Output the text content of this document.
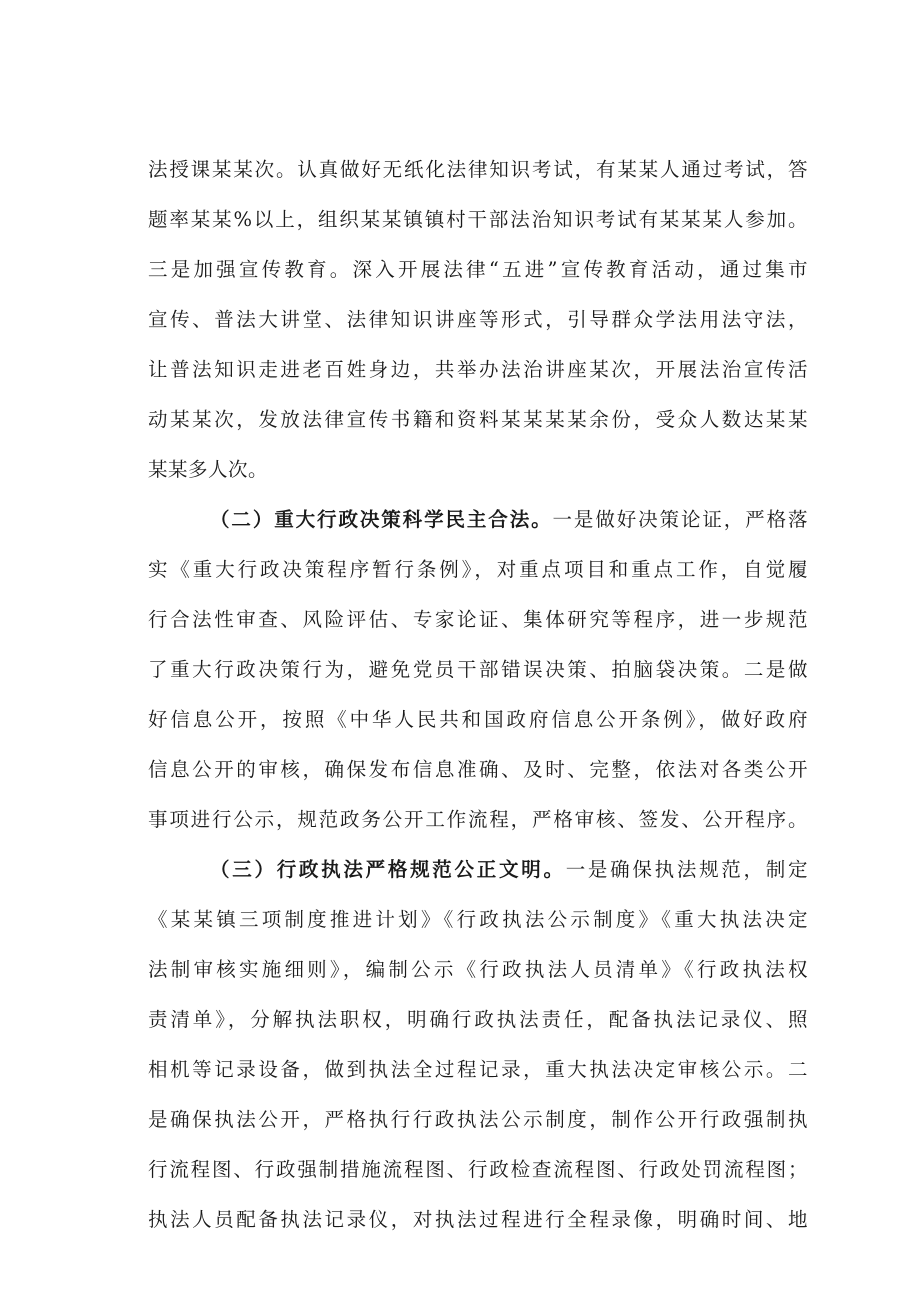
法授课某某次。认真做好无纸化法律知识考试，有某某人通过考试，答
题率某某%以上，组织某某镇镇村干部法治知识考试有某某某人参加。
三是加强宣传教育。深入开展法律“五进”宣传教育活动，通过集市
宣传、普法大讲堂、法律知识讲座等形式，引导群众学法用法守法，
让普法知识走进老百姓身边，共举办法治讲座某次，开展法治宣传活
动某某次，发放法律宣传书籍和资料某某某某余份，受众人数达某某
某某多人次。
（二）重大行政决策科学民主合法。一是做好决策论证，严格落
实《重大行政决策程序暂行条例》，对重点项目和重点工作，自觉履
行合法性审查、风险评估、专家论证、集体研究等程序，进一步规范
了重大行政决策行为，避免党员干部错误决策、拍脑袋决策。二是做
好信息公开，按照《中华人民共和国政府信息公开条例》，做好政府
信息公开的审核，确保发布信息准确、及时、完整，依法对各类公开
事项进行公示，规范政务公开工作流程，严格审核、签发、公开程序。
（三）行政执法严格规范公正文明。一是确保执法规范，制定
《某某镇三项制度推进计划》《行政执法公示制度》《重大执法决定
法制审核实施细则》，编制公示《行政执法人员清单》《行政执法权
责清单》，分解执法职权，明确行政执法责任，配备执法记录仪、照
相机等记录设备，做到执法全过程记录，重大执法决定审核公示。二
是确保执法公开，严格执行行政执法公示制度，制作公开行政强制执
行流程图、行政强制措施流程图、行政检查流程图、行政处罚流程图；
执法人员配备执法记录仪，对执法过程进行全程录像，明确时间、地
